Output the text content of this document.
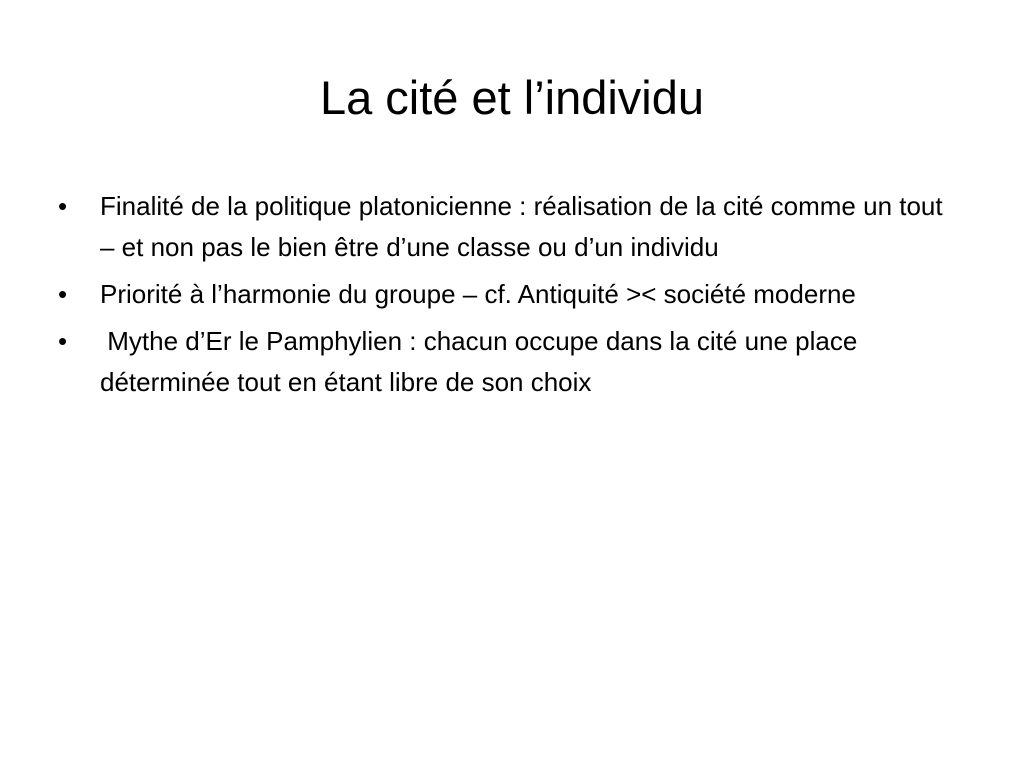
La cité et l’individu
•	Finalité de la politique platonicienne : réalisation de la cité comme un tout – et non pas le bien être d’une classe ou d’un individu
•	Priorité à l’harmonie du groupe – cf. Antiquité >< société moderne
•	Mythe d’Er le Pamphylien : chacun occupe dans la cité une place déterminée tout en étant libre de son choix
